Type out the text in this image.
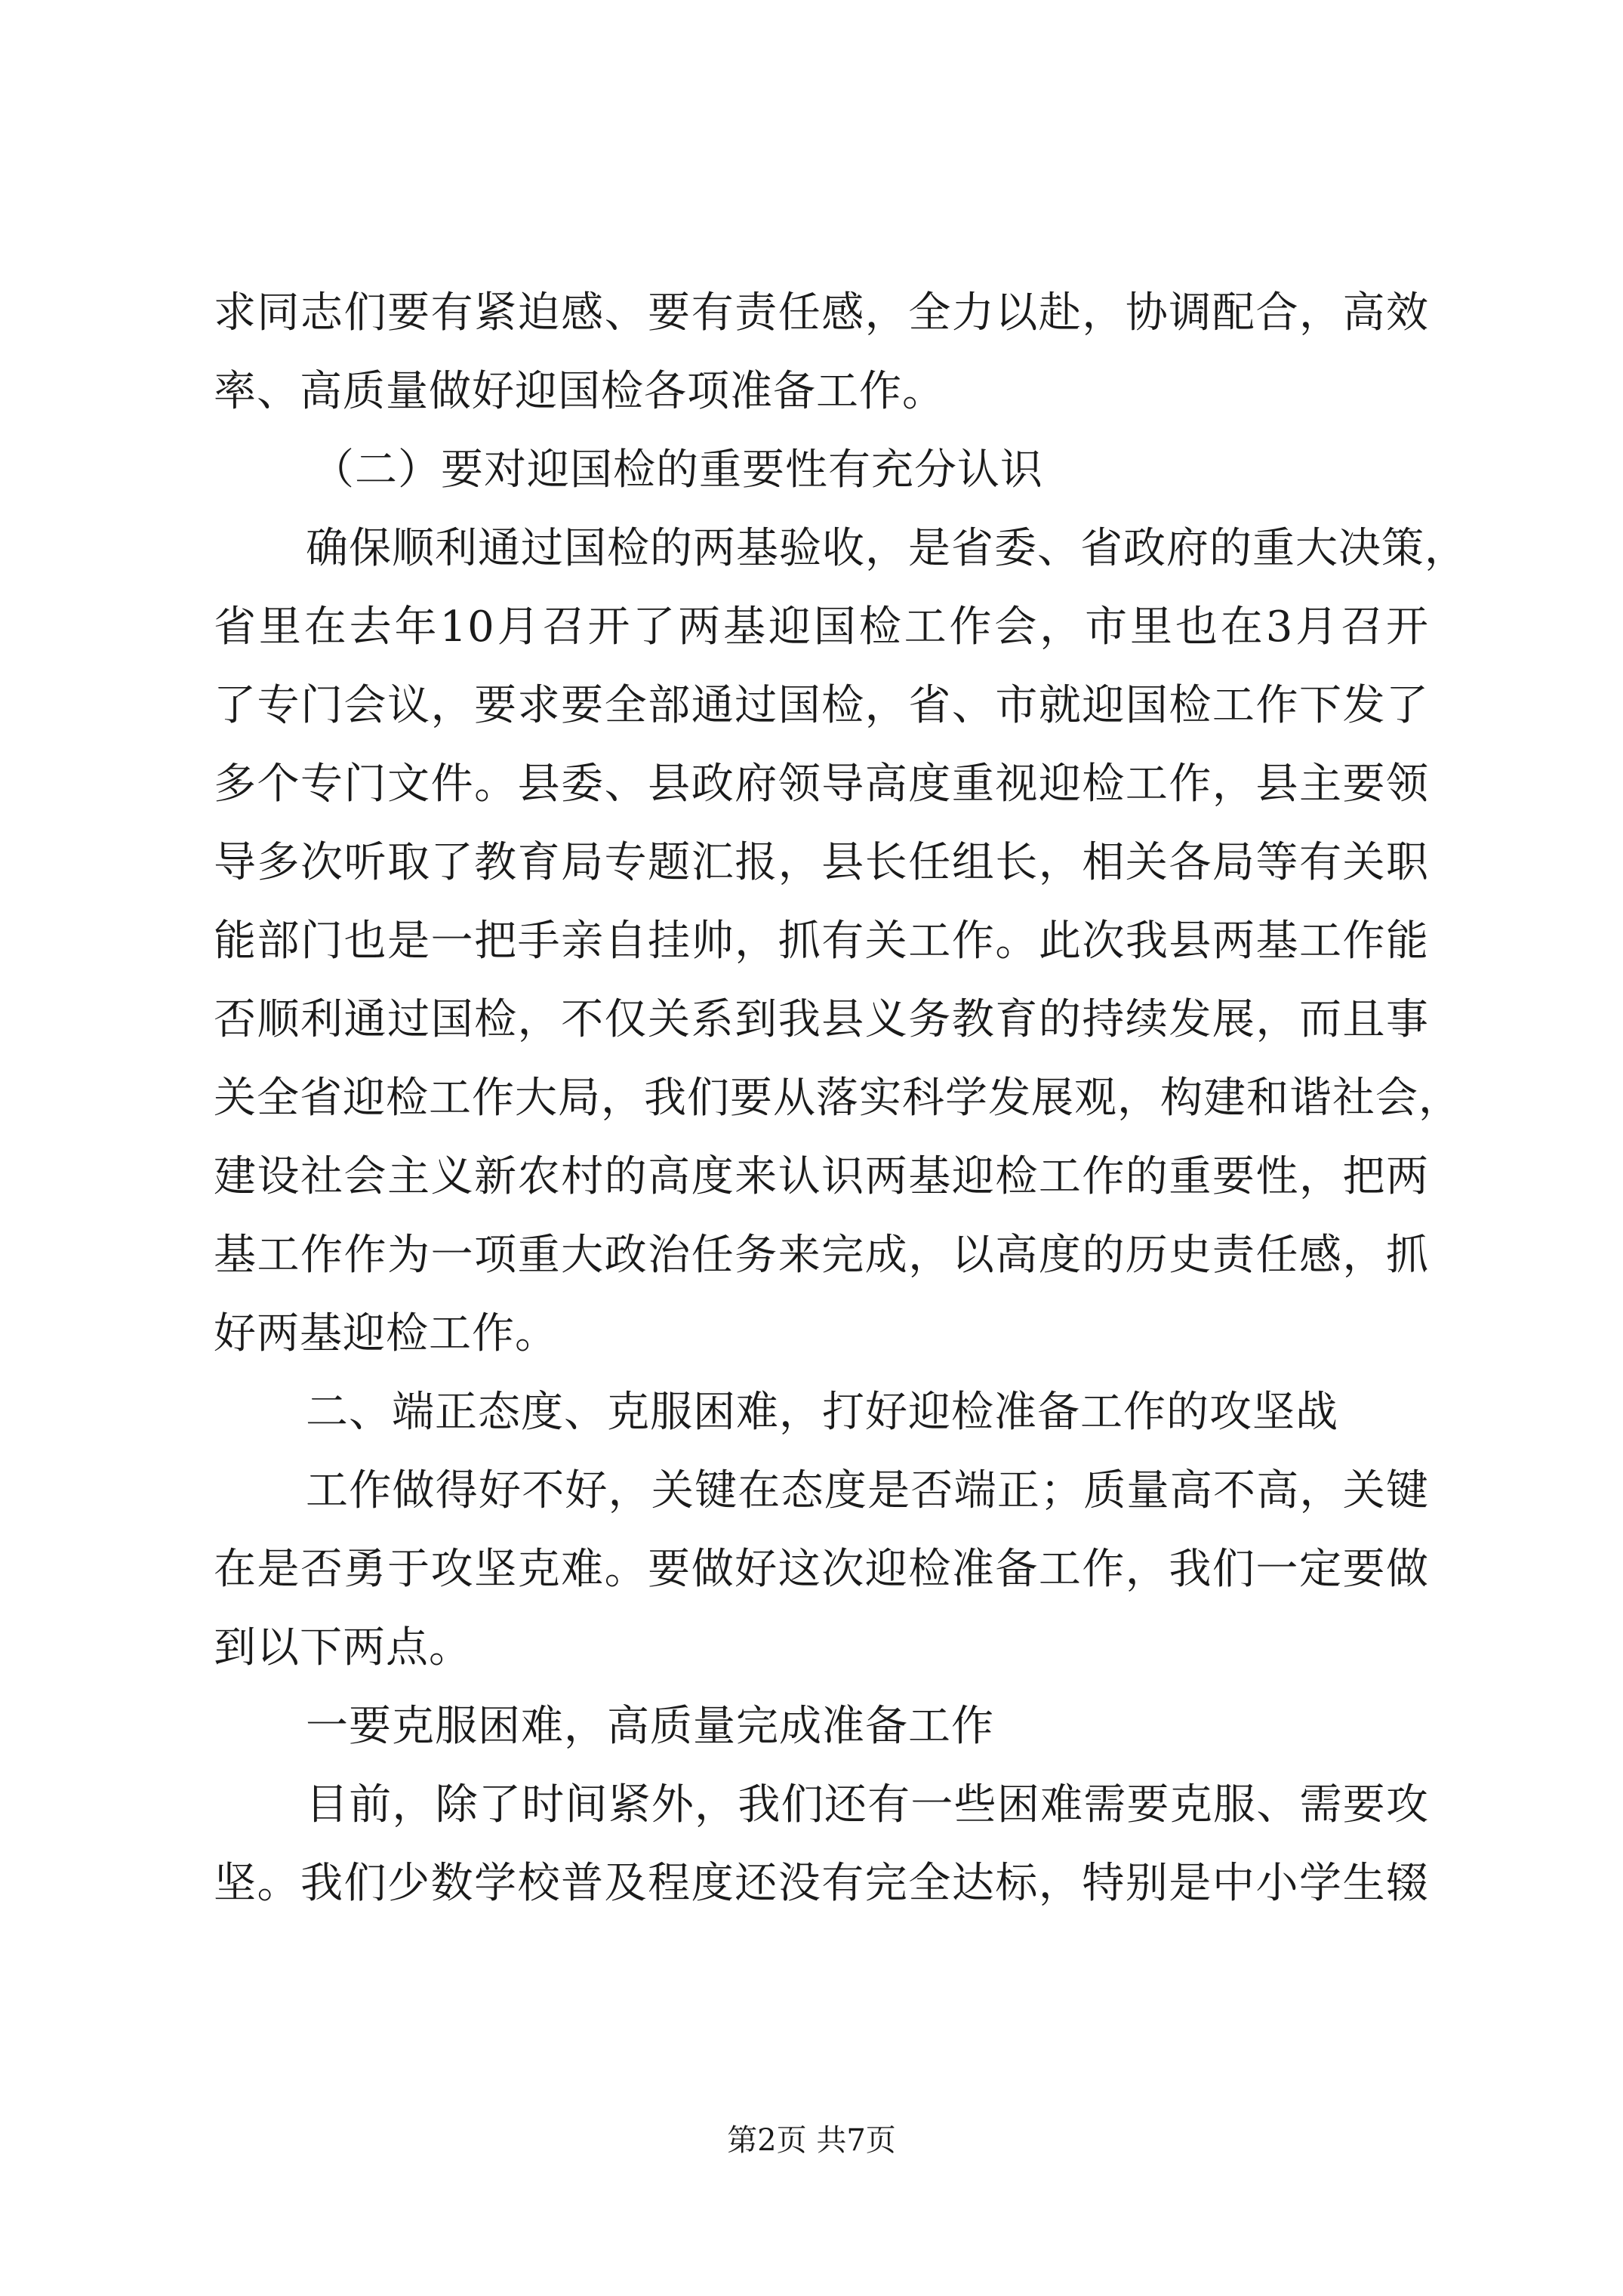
求同志们要有紧迫感、要有责任感，全力以赴，协调配合，高效
率、高质量做好迎国检各项准备工作。
（二）要对迎国检的重要性有充分认识
确保顺利通过国检的两基验收，是省委、省政府的重大决策，
省里在去年10月召开了两基迎国检工作会，市里也在3月召开
了专门会议，要求要全部通过国检，省、市就迎国检工作下发了
多个专门文件。县委、县政府领导高度重视迎检工作，县主要领
导多次听取了教育局专题汇报，县长任组长，相关各局等有关职
能部门也是一把手亲自挂帅，抓有关工作。此次我县两基工作能
否顺利通过国检，不仅关系到我县义务教育的持续发展，而且事
关全省迎检工作大局，我们要从落实科学发展观，构建和谐社会，
建设社会主义新农村的高度来认识两基迎检工作的重要性，把两
基工作作为一项重大政治任务来完成，以高度的历史责任感，抓
好两基迎检工作。
二、端正态度、克服困难，打好迎检准备工作的攻坚战
工作做得好不好，关键在态度是否端正；质量高不高，关键
在是否勇于攻坚克难。要做好这次迎检准备工作，我们一定要做
到以下两点。
一要克服困难，高质量完成准备工作
目前，除了时间紧外，我们还有一些困难需要克服、需要攻
坚。我们少数学校普及程度还没有完全达标，特别是中小学生辍
第2页 共7页
